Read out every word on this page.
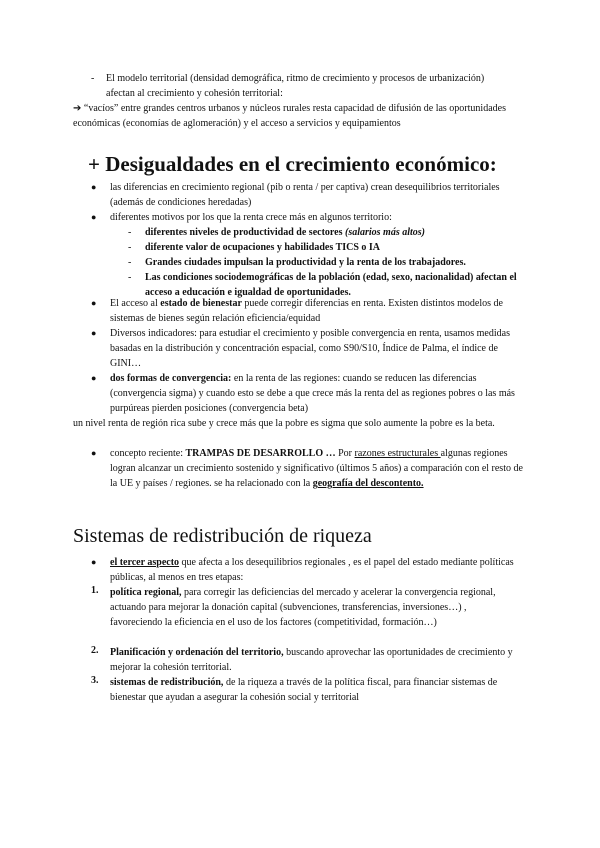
- El modelo territorial (densidad demográfica, ritmo de crecimiento y procesos de urbanización) afectan al crecimiento y cohesión territorial:
➔ “vacíos” entre grandes centros urbanos y núcleos rurales resta capacidad de difusión de las oportunidades económicas (economías de aglomeración) y el acceso a servicios y equipamientos
+ Desigualdades en el crecimiento económico:
● las diferencias en crecimiento regional (pib o renta / per captiva) crean desequilibrios territoriales (además de condiciones heredadas)
● diferentes motivos por los que la renta crece más en algunos territorio:
- diferentes niveles de productividad de sectores (salarios más altos)
- diferente valor de ocupaciones y habilidades TICS o IA
- Grandes ciudades impulsan la productividad y la renta de los trabajadores.
- Las condiciones sociodemográficas de la población (edad, sexo, nacionalidad) afectan el acceso a educación e igualdad de oportunidades.
● El acceso al estado de bienestar puede corregir diferencias en renta. Existen distintos modelos de sistemas de bienes según relación eficiencia/equidad
● Diversos indicadores: para estudiar el crecimiento y posible convergencia en renta, usamos medidas basadas en la distribución y concentración espacial, como S90/S10, Índice de Palma, el índice de GINI…
● dos formas de convergencia: en la renta de las regiones: cuando se reducen las diferencias (convergencia sigma) y cuando esto se debe a que crece más la renta del as regiones pobres o las más purpúreas pierden posiciones (convergencia beta)
un nivel renta de región rica sube y crece más que la pobre es sigma que solo aumente la pobre es la beta.
● concepto reciente: TRAMPAS DE DESARROLLO … Por razones estructurales algunas regiones logran alcanzar un crecimiento sostenido y significativo (últimos 5 años) a comparación con el resto de la UE y países / regiones. se ha relacionado con la geografía del descontento.
Sistemas de redistribución de riqueza
● el tercer aspecto que afecta a los desequilibrios regionales , es el papel del estado mediante políticas públicas, al menos en tres etapas:
1. política regional, para corregir las deficiencias del mercado y acelerar la convergencia regional, actuando para mejorar la donación capital (subvenciones, transferencias, inversiones…) , favoreciendo la eficiencia en el uso de los factores (competitividad, formación…)
2. Planificación y ordenación del territorio, buscando aprovechar las oportunidades de crecimiento y mejorar la cohesión territorial.
3. sistemas de redistribución, de la riqueza a través de la política fiscal, para financiar sistemas de bienestar que ayudan a asegurar la cohesión social y territorial
